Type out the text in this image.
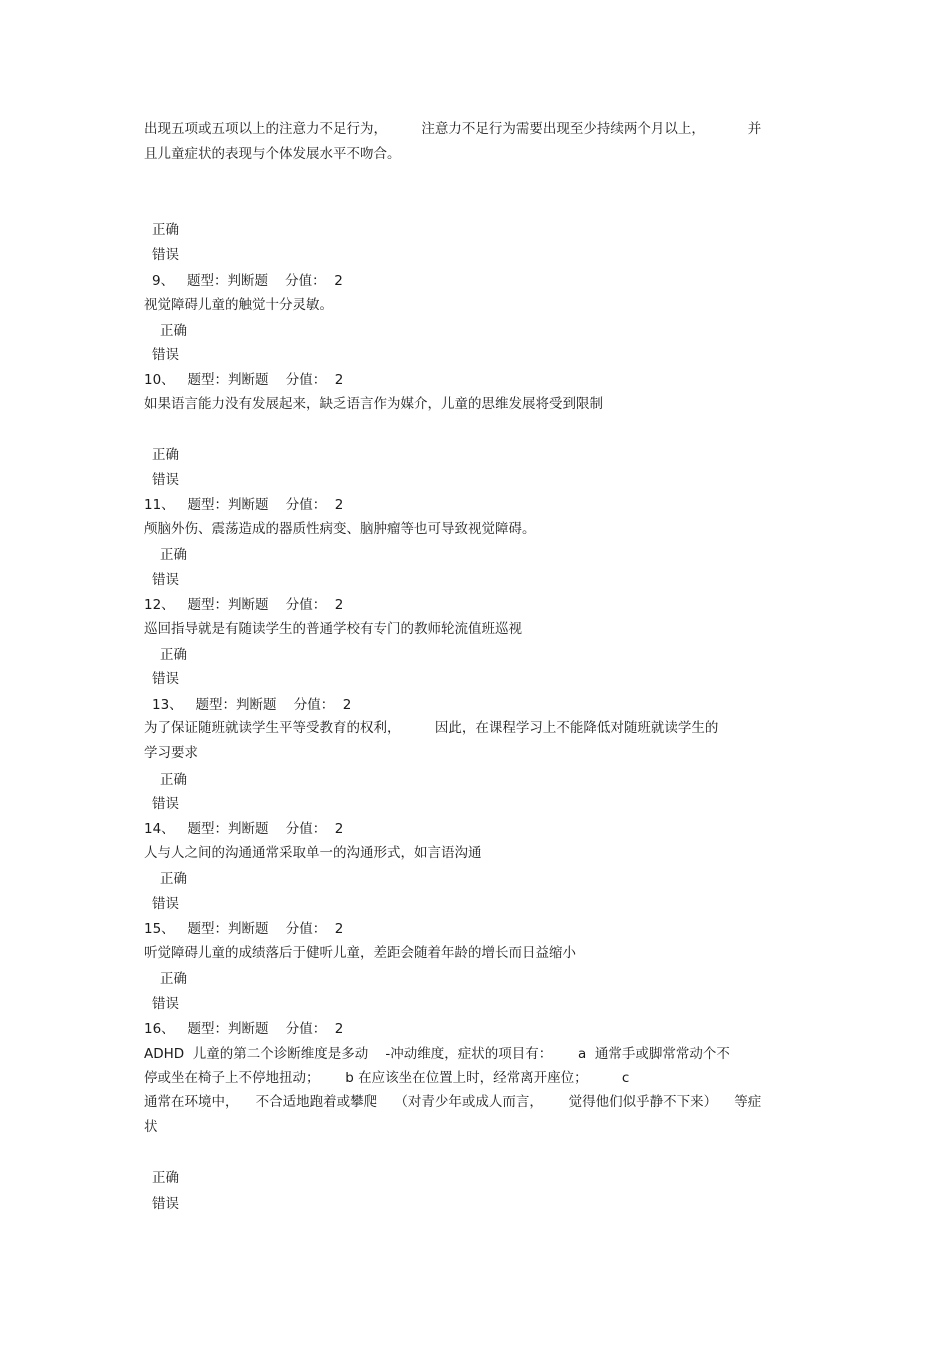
出现五项或五项以上的注意力不足行为，        注意力不足行为需要出现至少持续两个月以上，          并
且儿童症状的表现与个体发展水平不吻合。
正确
错误
9、   题型：判断题    分值：  2
视觉障碍儿童的触觉十分灵敏。
正确
错误
10、   题型：判断题    分值：  2
如果语言能力没有发展起来，缺乏语言作为媒介，儿童的思维发展将受到限制
正确
错误
11、   题型：判断题    分值：  2
颅脑外伤、震荡造成的器质性病变、脑肿瘤等也可导致视觉障碍。
正确
错误
12、   题型：判断题    分值：  2
巡回指导就是有随读学生的普通学校有专门的教师轮流值班巡视
正确
错误
13、   题型：判断题    分值：  2
为了保证随班就读学生平等受教育的权利，        因此，在课程学习上不能降低对随班就读学生的
学习要求
正确
错误
14、   题型：判断题    分值：  2
人与人之间的沟通通常采取单一的沟通形式，如言语沟通
正确
错误
15、   题型：判断题    分值：  2
听觉障碍儿童的成绩落后于健听儿童，差距会随着年龄的增长而日益缩小
正确
错误
16、   题型：判断题    分值：  2
ADHD  儿童的第二个诊断维度是多动    -冲动维度，症状的项目有：      a  通常手或脚常常动个不
停或坐在椅子上不停地扭动；      b 在应该坐在位置上时，经常离开座位；        c
通常在环境中，    不合适地跑着或攀爬    （对青少年或成人而言，      觉得他们似乎静不下来）    等症
状
正确
错误
